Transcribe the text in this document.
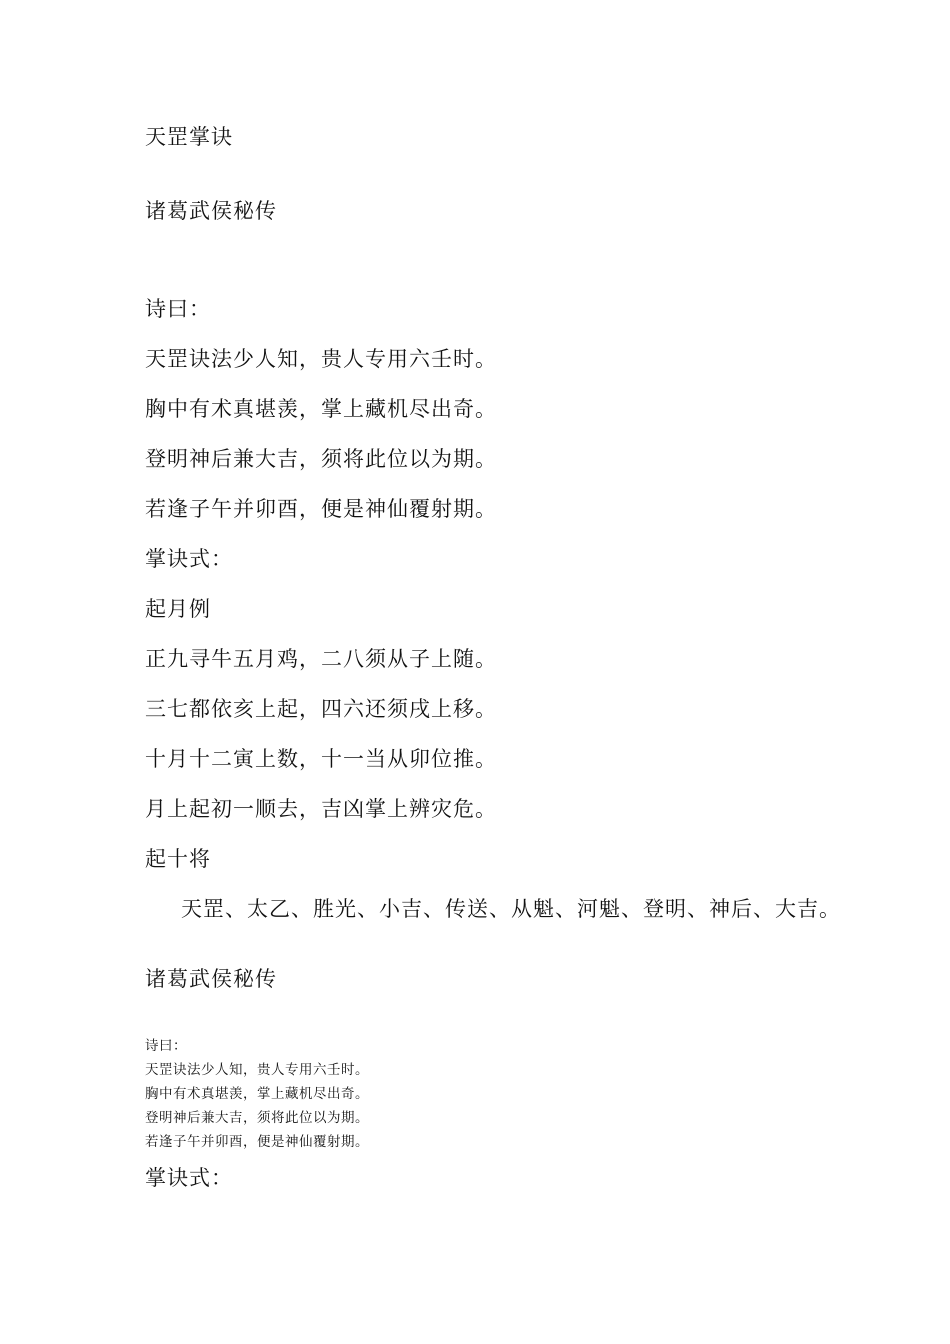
天罡掌诀

诸葛武侯秘传

诗曰：

天罡诀法少人知，贵人专用六壬时。

胸中有术真堪羡，掌上藏机尽出奇。

登明神后兼大吉，须将此位以为期。

若逢子午并卯酉，便是神仙覆射期。

掌诀式：

起月例

正九寻牛五月鸡，二八须从子上随。

三七都依亥上起，四六还须戌上移。

十月十二寅上数，十一当从卯位推。

月上起初一顺去，吉凶掌上辨灾危。

起十将

天罡、太乙、胜光、小吉、传送、从魁、河魁、登明、神后、大吉。

诸葛武侯秘传

诗曰：

天罡诀法少人知，贵人专用六壬时。

胸中有术真堪羡，掌上藏机尽出奇。

登明神后兼大吉，须将此位以为期。

若逢子午并卯酉，便是神仙覆射期。

掌诀式：
